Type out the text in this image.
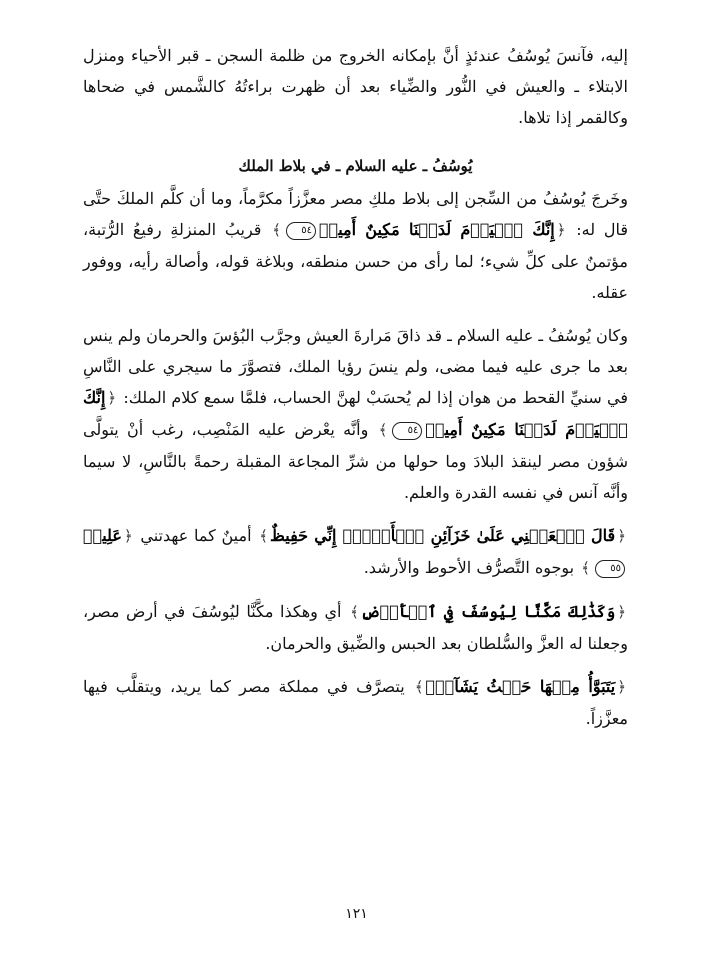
إليه، فآنسَ يُوسُفُ عندئذٍ أنَّ بإمكانه الخروج من ظلمة السجن ـ قبر الأحياء ومنزل الابتلاء ـ والعيش في النُّور والضِّياء بعد أن ظهرت براءتُهُ كالشَّمس في ضحاها وكالقمر إذا تلاها.

يُوسُفُ ـ عليه السلام ـ في بلاط الملك

وخَرجَ يُوسُفُ من السِّجن إلى بلاط ملكِ مصر معزَّزاً مكرَّماً، وما أن كلَّم الملكَ حتَّى قال له: ﴿إِنَّكَ ٱلۡيَوۡمَ لَدَيۡنَا مَكِينٌ أَمِينٞ٥٤﴾ قريبُ المنزلةِ رفيعُ الرُّتبة، مؤتمنٌ على كلِّ شيء؛ لما رأى من حسن منطقه، وبلاغة قوله، وأصالة رأيه، ووفور عقله.

وكان يُوسُفُ ـ عليه السلام ـ قد ذاقَ مَرارةَ العيش وجرَّب البُؤسَ والحرمان ولم ينس بعد ما جرى عليه فيما مضى، ولم ينسَ رؤيا الملك، فتصوَّرَ ما سيجري على النَّاسِ في سنيِّ القحط من هوان إذا لم يُحسَبْ لهنَّ الحساب، فلمَّا سمع كلام الملك: ﴿إِنَّكَ ٱلۡيَوۡمَ لَدَيۡنَا مَكِينٌ أَمِينٞ٥٤﴾ وأنَّه يعْرض عليه المَنْصِب، رغب أنْ يتولَّى شؤون مصر لينقذ البلادَ وما حولها من شرِّ المجاعة المقبلة رحمةً بالنَّاسِ، لا سيما وأنَّه آنس في نفسه القدرة والعلم.

﴿قَالَ ٱجۡعَلۡنِي عَلَىٰ خَزَآئِنِ ٱلۡأَرۡضِۖ إِنِّي حَفِيظٌ﴾ أمينٌ كما عهدتني ﴿عَلِيمٞ٥٥﴾ بوجوه التَّصرُّف الأحوط والأرشد.

﴿وَكَذَٰلِكَ مَكَّنَّا لِيُوسُفَ فِي ٱلۡأَرۡضِ﴾ أي وهكذا مكَّنَّا ليُوسُفَ في أرض مصر، وجعلنا له العزَّ والسُّلطان بعد الحبس والضِّيق والحرمان.

﴿يَتَبَوَّأُ مِنۡهَا حَيۡثُ يَشَآءُۚ﴾ يتصرَّف في مملكة مصر كما يريد، ويتقلَّب فيها معزَّزاً.

١٢١
